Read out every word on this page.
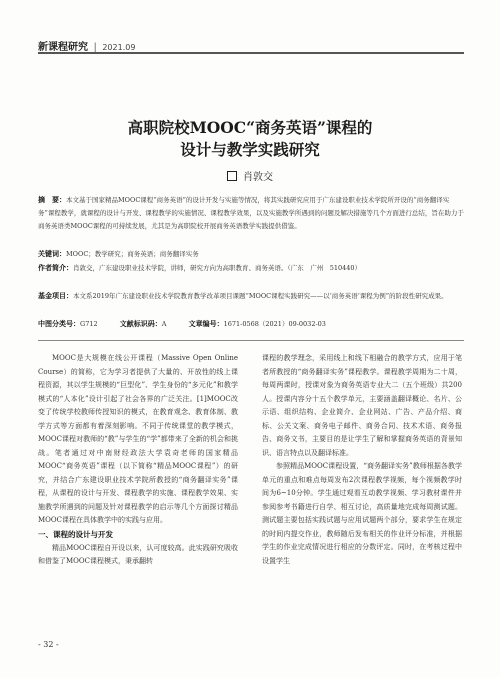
新课程研究 | 2021.09
高职院校MOOC“商务英语”课程的
设计与教学实践研究
肖敦交
摘　要：本文基于国家精品MOOC课程“商务英语”的设计开发与实施等情况，将其实践研究应用于广东建设职业技术学院所开设的“商务翻译实务”课程教学，就课程的设计与开发、课程教学的实施情况、课程教学效果，以及实施教学所遇到的问题及解决措施等几个方面进行总结，旨在助力于商务英语类MOOC课程的可持续发展，尤其是为高职院校开展商务英语教学实践提供借鉴。
关键词：MOOC；教学研究；商务英语；商务翻译实务
作者简介：肖敦交，广东建设职业技术学院，讲师，研究方向为高职教育、商务英语。（广东　广州　510440）
基金项目：本文系2019年广东建设职业技术学院教育教学改革项目课题“MOOC课程实践研究——以‘商务英语’课程为例”的阶段性研究成果。
中图分类号：G712	文献标识码：A	文章编号：1671-0568（2021）09-0032-03

MOOC是大规模在线公开课程（Massive Open Online Course）的简称，它为学习者提供了大量的、开放性的线上课程资源，其以学生规模的“巨型化”、学生身份的“多元化”和教学模式的“人本化”设计引起了社会各界的广泛关注。[1]MOOC改变了传统学校教师传授知识的模式，在教育观念、教育体制、教学方式等方面都有着深刻影响。不同于传统课堂的教学模式，MOOC课程对教师的“教”与学生的“学”都带来了全新的机会和挑战。笔者通过对中南财经政法大学袁奇老师的国家精品MOOC“商务英语”课程（以下简称“精品MOOC课程”）的研究，并结合广东建设职业技术学院所教授的“商务翻译实务”课程，从课程的设计与开发、课程教学的实施、课程教学效果、实施教学所遇到的问题及针对课程教学的启示等几个方面探讨精品MOOC课程在具体教学中的实践与应用。

一、课程的设计与开发

精品MOOC课程自开设以来，认可度较高。此实践研究吸收和借鉴了MOOC课程模式，秉承翻转

课程的教学理念，采用线上和线下相融合的教学方式，应用于笔者所教授的“商务翻译实务”课程教学。课程教学周期为二十周，每周两课时，授课对象为商务英语专业大二（五个班级）共200人。授课内容分十五个教学单元，主要涵盖翻译概论、名片、公示语、组织结构、企业简介、企业网站、广告、产品介绍、商标、公关文案、商务电子邮件、商务合同、技术术语、商务报告、商务文书，主要目的是让学生了解和掌握商务英语的背景知识、语言特点以及翻译标准。

参照精品MOOC课程设置，“商务翻译实务”教师根据各教学单元的重点和难点每周发布2次课程教学视频，每个视频教学时间为6~10分钟。学生通过观看互动教学视频、学习教材课件并参阅参考书籍进行自学、相互讨论，高质量地完成每周测试题。测试题主要包括实践试题与应用试题两个部分，要求学生在规定的时间内提交作业，教师随后发布相关的作业评分标准，并根据学生的作业完成情况进行相应的分数评定。同时，在考核过程中设置学生

- 32 -
